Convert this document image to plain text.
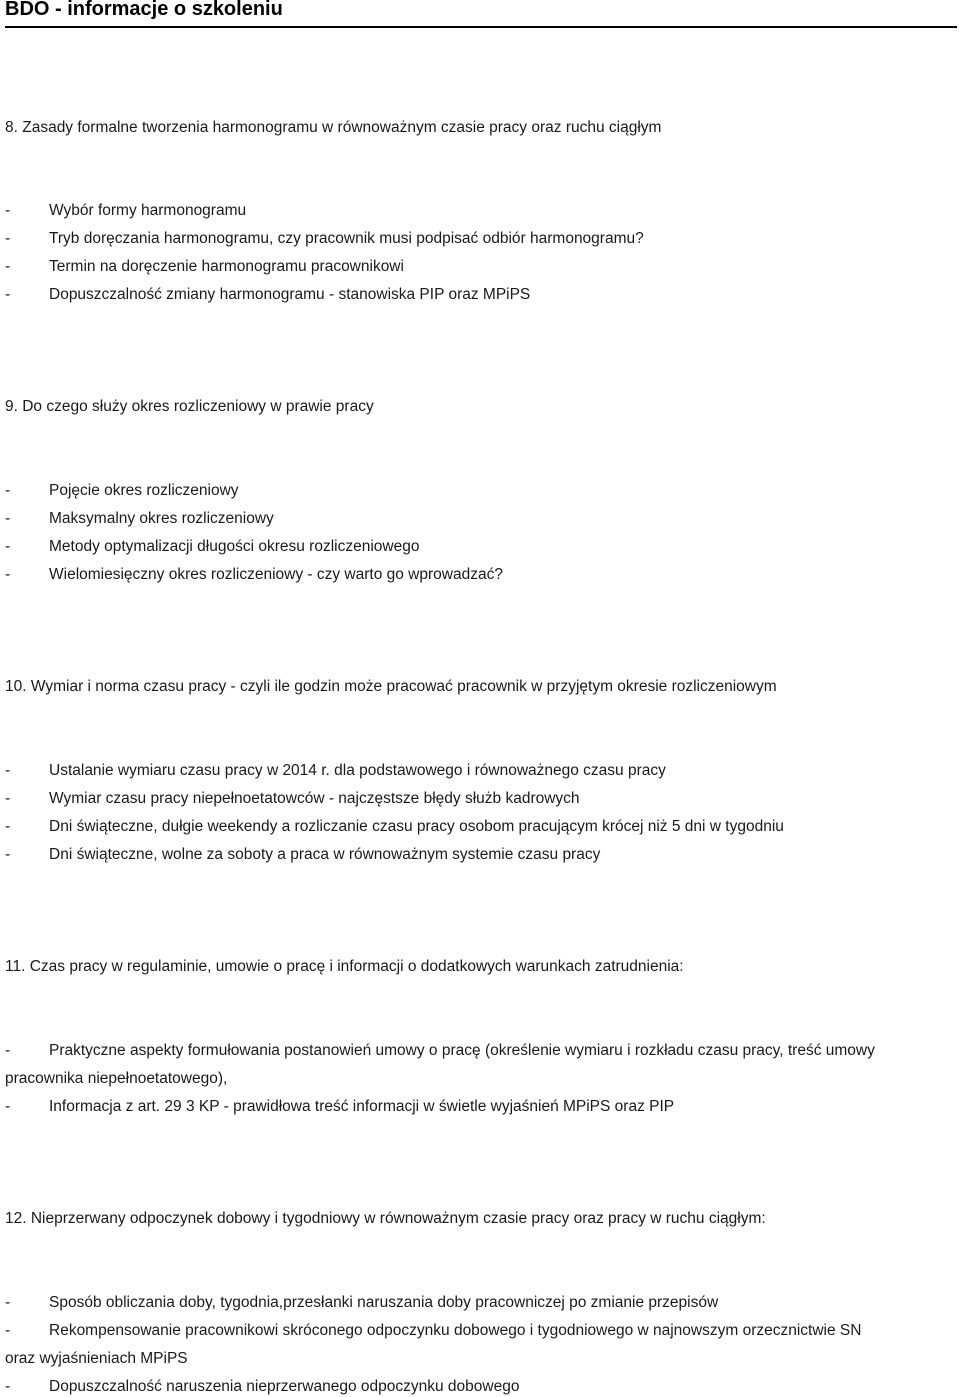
BDO - informacje o szkoleniu
8. Zasady formalne tworzenia harmonogramu w równoważnym czasie pracy oraz ruchu ciągłym
-	Wybór formy harmonogramu
-	Tryb doręczania harmonogramu, czy pracownik musi podpisać odbiór harmonogramu?
-	Termin na doręczenie harmonogramu pracownikowi
-	Dopuszczalność zmiany harmonogramu - stanowiska PIP oraz MPiPS
9. Do czego służy okres rozliczeniowy w prawie pracy
-	Pojęcie okres rozliczeniowy
-	Maksymalny okres rozliczeniowy
-	Metody optymalizacji długości okresu rozliczeniowego
-	Wielomiesięczny okres rozliczeniowy - czy warto go wprowadzać?
10. Wymiar i norma czasu pracy - czyli ile godzin może pracować pracownik w przyjętym okresie rozliczeniowym
-	Ustalanie wymiaru czasu pracy w 2014 r. dla podstawowego i równoważnego czasu pracy
-	Wymiar czasu pracy niepełnoetatowców - najczęstsze błędy służb kadrowych
-	Dni świąteczne, dułgie weekendy a rozliczanie czasu pracy osobom pracującym krócej niż 5 dni w tygodniu
-	Dni świąteczne, wolne za soboty a praca w równoważnym systemie czasu pracy
11. Czas pracy w regulaminie, umowie o pracę i informacji o dodatkowych warunkach zatrudnienia:
-	Praktyczne aspekty formułowania postanowień umowy o pracę (określenie wymiaru i rozkładu czasu pracy, treść umowy
pracownika niepełnoetatowego),
-	Informacja z art. 29 3 KP - prawidłowa treść informacji w świetle wyjaśnień MPiPS oraz PIP
12. Nieprzerwany odpoczynek dobowy i tygodniowy w równoważnym czasie pracy oraz pracy w ruchu ciągłym:
-	Sposób obliczania doby, tygodnia,przesłanki naruszania doby pracowniczej po zmianie przepisów
-	Rekompensowanie pracownikowi skróconego odpoczynku dobowego i tygodniowego w najnowszym orzecznictwie SN
oraz wyjaśnieniach MPiPS
-	Dopuszczalność naruszenia nieprzerwanego odpoczynku dobowego
